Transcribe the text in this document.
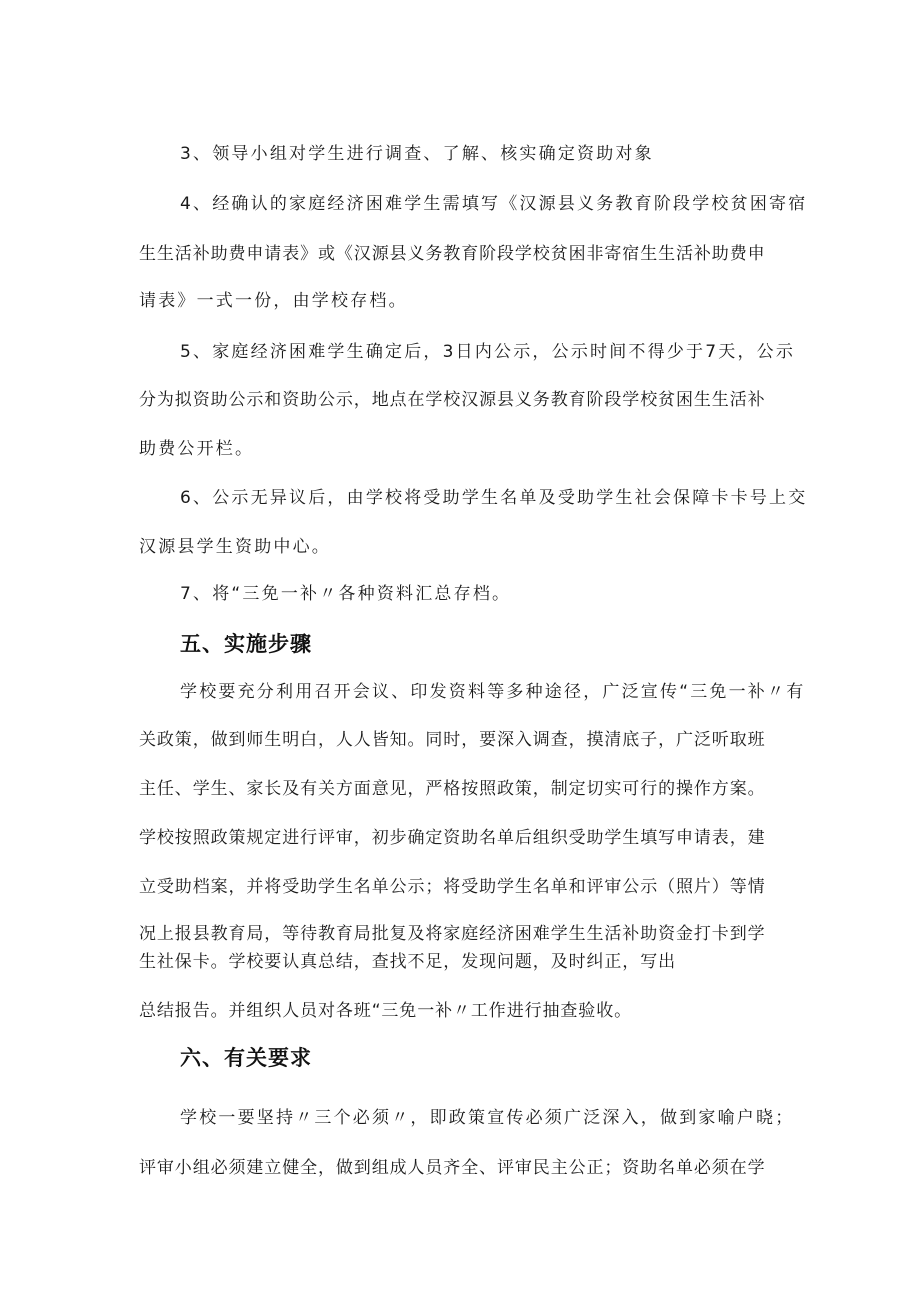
3、领导小组对学生进行调查、了解、核实确定资助对象

4、经确认的家庭经济困难学生需填写《汉源县义务教育阶段学校贫困寄宿

生生活补助费申请表》或《汉源县义务教育阶段学校贫困非寄宿生生活补助费申

请表》一式一份，由学校存档。

5、家庭经济困难学生确定后，3日内公示，公示时间不得少于7天，公示

分为拟资助公示和资助公示，地点在学校汉源县义务教育阶段学校贫困生生活补

助费公开栏。

6、公示无异议后，由学校将受助学生名单及受助学生社会保障卡卡号上交

汉源县学生资助中心。

7、将“三免一补〃各种资料汇总存档。

五、实施步骤

学校要充分利用召开会议、印发资料等多种途径，广泛宣传“三免一补〃有

关政策，做到师生明白，人人皆知。同时，要深入调查，摸清底子，广泛听取班

主任、学生、家长及有关方面意见，严格按照政策，制定切实可行的操作方案。

学校按照政策规定进行评审，初步确定资助名单后组织受助学生填写申请表，建

立受助档案，并将受助学生名单公示；将受助学生名单和评审公示（照片）等情

况上报县教育局，等待教育局批复及将家庭经济困难学生生活补助资金打卡到学

生社保卡。学校要认真总结，查找不足，发现问题，及时纠正，写出

总结报告。并组织人员对各班“三免一补〃工作进行抽查验收。

六、有关要求

学校一要坚持〃三个必须〃，即政策宣传必须广泛深入，做到家喻户晓；

评审小组必须建立健全，做到组成人员齐全、评审民主公正；资助名单必须在学
